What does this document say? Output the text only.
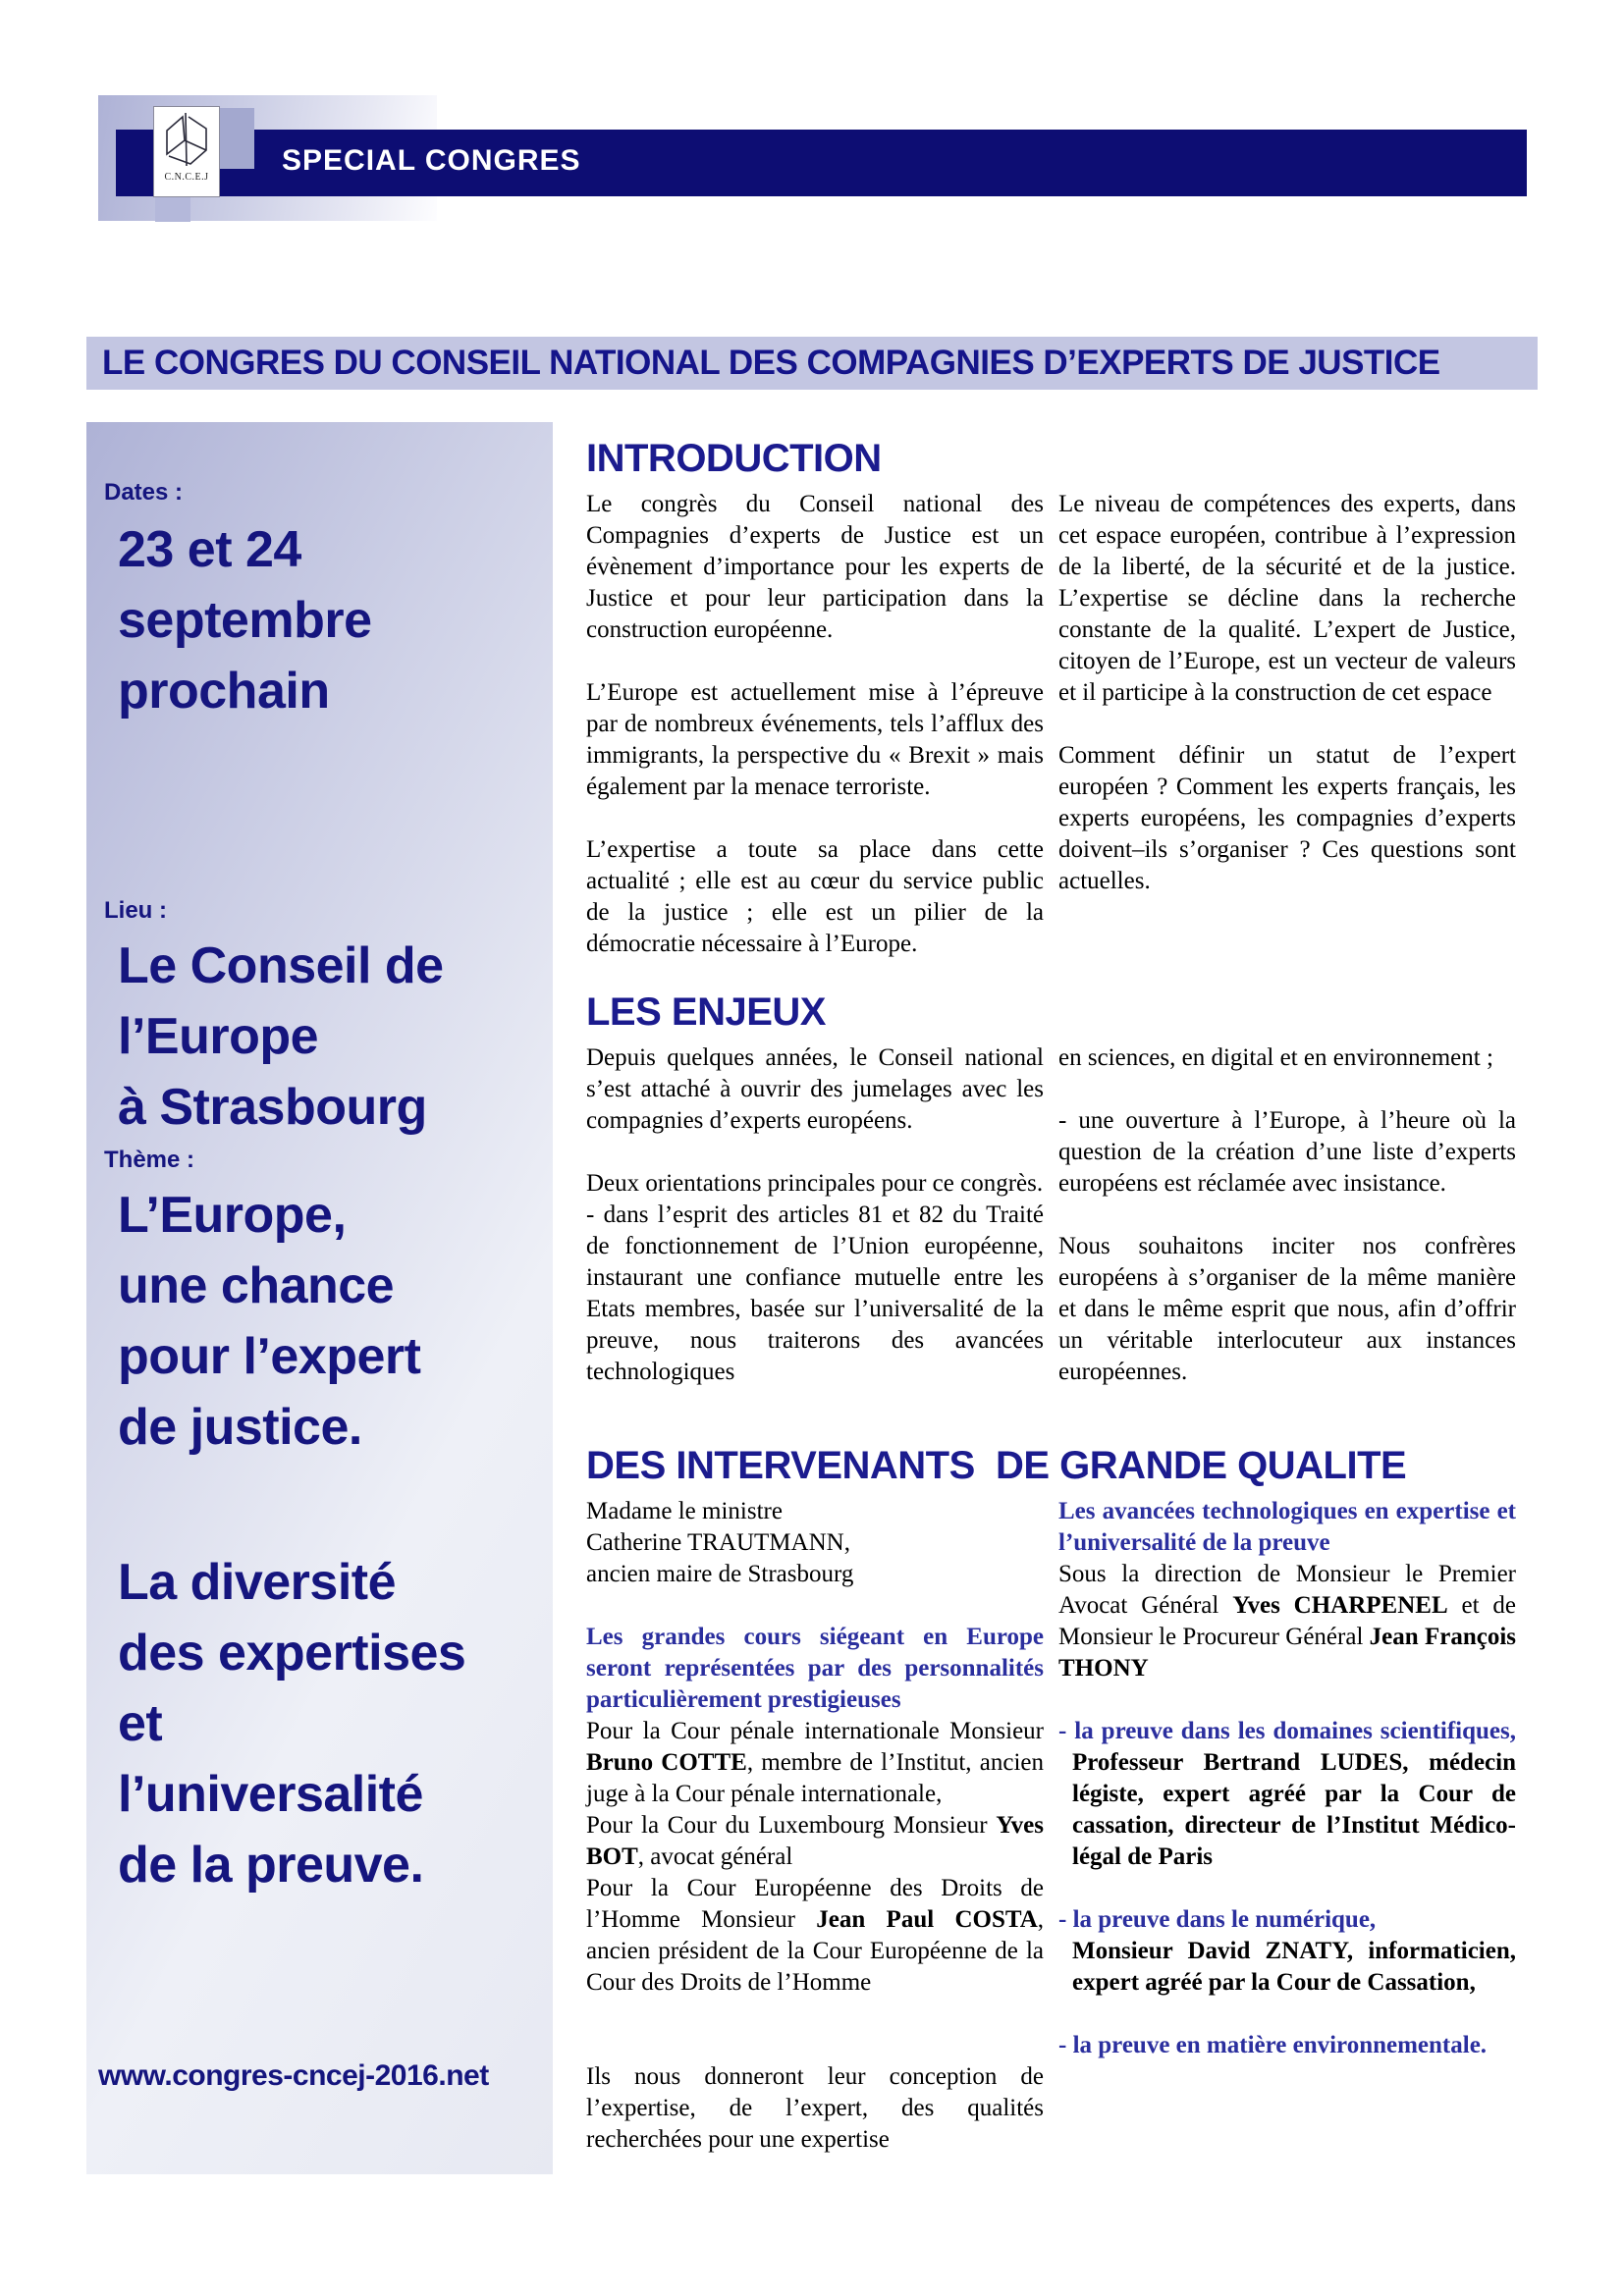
SPECIAL CONGRES
C.N.C.E.J
LE CONGRES DU CONSEIL NATIONAL DES COMPAGNIES D’EXPERTS DE JUSTICE
Dates :
23 et 24
septembre
prochain
Lieu :
Le Conseil de
l’Europe
à Strasbourg
Thème :
L’Europe,
une chance
pour l’expert
de justice.
La diversité
des expertises
et
l’universalité
de la preuve.
www.congres-cncej-2016.net
INTRODUCTION

Le congrès du Conseil national des Compagnies d’experts de Justice est un évènement d’importance pour les experts de Justice et pour leur participation dans la construction européenne.

L’Europe est actuellement mise à l’épreuve par de nombreux événements, tels l’afflux des immigrants, la perspective du « Brexit » mais également par la menace terroriste.

L’expertise a toute sa place dans cette actualité ; elle est au cœur du service public de la justice ; elle est un pilier de la démocratie nécessaire à l’Europe.

Le niveau de compétences des experts, dans cet espace européen, contribue à l’expression de la liberté, de la sécurité et de la justice. L’expertise se décline dans la recherche constante de la qualité. L’expert de Justice, citoyen de l’Europe, est un vecteur de valeurs et il participe à la construction de cet espace

Comment définir un statut de l’expert européen ? Comment les experts français, les experts européens, les compagnies d’experts doivent–ils s’organiser ? Ces questions sont actuelles.

LES ENJEUX

Depuis quelques années, le Conseil national s’est attaché à ouvrir des jumelages avec les compagnies d’experts européens.

Deux orientations principales pour ce congrès.

- dans l’esprit des articles 81 et 82 du Traité de fonctionnement de l’Union européenne, instaurant une confiance mutuelle entre les Etats membres, basée sur l’universalité de la preuve, nous traiterons des avancées technologiques

en sciences, en digital et en environnement ;

- une ouverture à l’Europe, à l’heure où la question de la création d’une liste d’experts européens est réclamée avec insistance.

Nous souhaitons inciter nos confrères européens à s’organiser de la même manière et dans le même esprit que nous, afin d’offrir un véritable interlocuteur aux instances européennes.

DES INTERVENANTS  DE GRANDE QUALITE

Madame le ministre

Catherine TRAUTMANN,

ancien maire de Strasbourg

Les grandes cours siégeant en Europe seront représentées par des personnalités particulièrement prestigieuses

Pour la Cour pénale internationale Monsieur Bruno COTTE, membre de l’Institut, ancien juge à la Cour pénale internationale,

Pour la Cour du Luxembourg Monsieur Yves BOT, avocat général

Pour la Cour Européenne des Droits de l’Homme Monsieur Jean Paul COSTA, ancien président de la Cour Européenne de la Cour des Droits de l’Homme

Ils nous donneront leur conception de l’expertise, de l’expert, des qualités recherchées pour une expertise

Les avancées technologiques en expertise et l’universalité de la preuve

Sous la direction de Monsieur le Premier Avocat Général Yves CHARPENEL et de Monsieur le Procureur Général Jean François THONY

- la preuve dans les domaines scientifiques, Professeur Bertrand LUDES, médecin légiste, expert agréé par la Cour de cassation, directeur de l’Institut Médico-légal de Paris

- la preuve dans le numérique,
Monsieur David ZNATY, informaticien, expert agréé par la Cour de Cassation,

- la preuve en matière environnementale.
